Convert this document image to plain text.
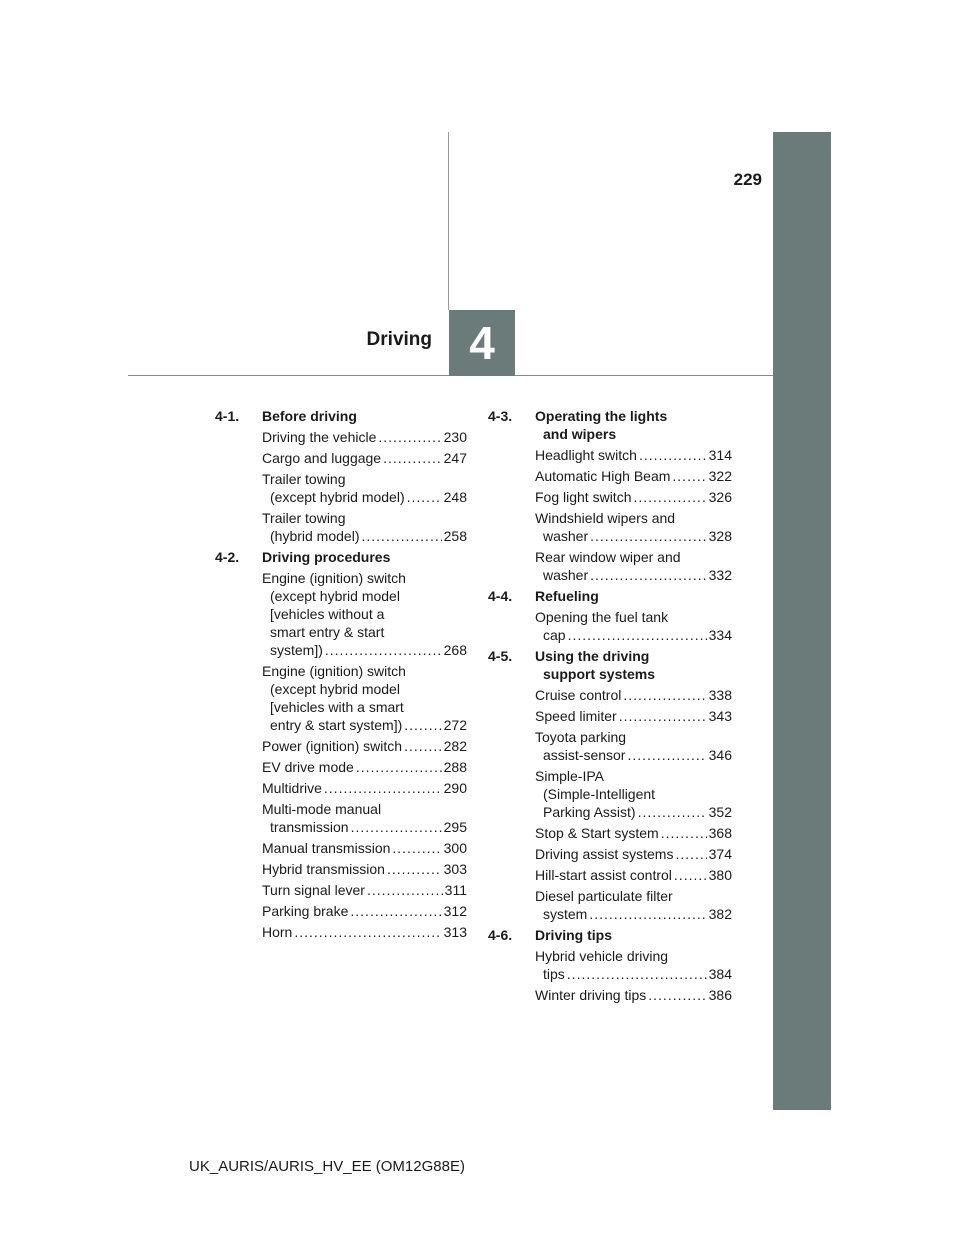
229
4
Driving
4-1.	Before driving
Driving the vehicle .....	230
Cargo and luggage .....	247
Trailer towing
(except hybrid model) .....	248
Trailer towing
(hybrid model) .....	258
4-2.	Driving procedures
Engine (ignition) switch
(except hybrid model
[vehicles without a
smart entry & start
system]) .....	268
Engine (ignition) switch
(except hybrid model
[vehicles with a smart
entry & start system]) .....	272
Power (ignition) switch .....	282
EV drive mode .....	288
Multidrive .....	290
Multi-mode manual
transmission .....	295
Manual transmission .....	300
Hybrid transmission .....	303
Turn signal lever .....	311
Parking brake .....	312
Horn .....	313
4-3.	Operating the lights
and wipers
Headlight switch .....	314
Automatic High Beam .....	322
Fog light switch .....	326
Windshield wipers and
washer .....	328
Rear window wiper and
washer .....	332
4-4.	Refueling
Opening the fuel tank
cap .....	334
4-5.	Using the driving
support systems
Cruise control .....	338
Speed limiter .....	343
Toyota parking
assist-sensor .....	346
Simple-IPA
(Simple-Intelligent
Parking Assist) .....	352
Stop & Start system .....	368
Driving assist systems .....	374
Hill-start assist control .....	380
Diesel particulate filter
system .....	382
4-6.	Driving tips
Hybrid vehicle driving
tips .....	384
Winter driving tips .....	386
UK_AURIS/AURIS_HV_EE (OM12G88E)
